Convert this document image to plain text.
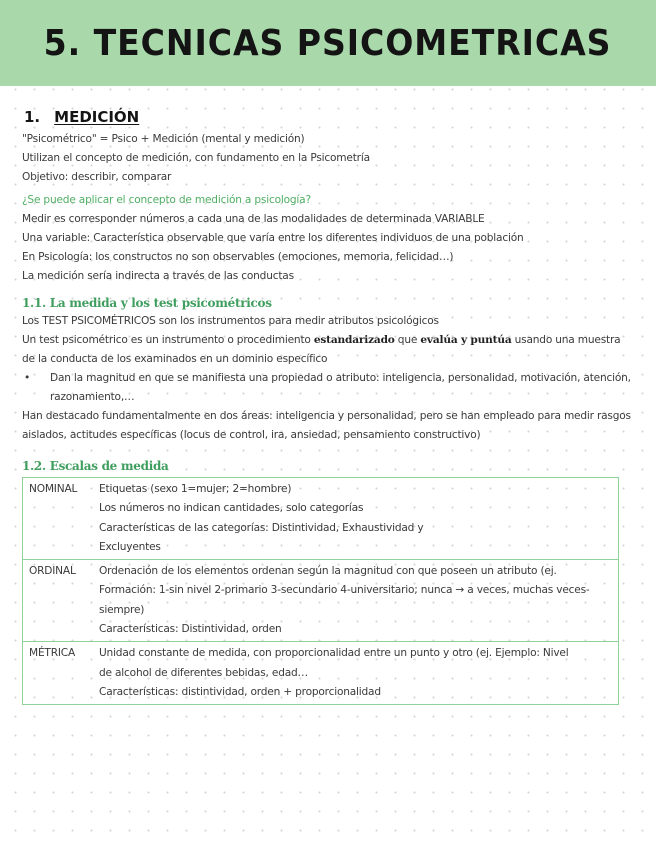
5. TECNICAS PSICOMETRICAS
1. MEDICIÓN
"Psicométrico" = Psico + Medición (mental y medición)
Utilizan el concepto de medición, con fundamento en la Psicometría
Objetivo: describir, comparar
¿Se puede aplicar el concepto de medición a psicología?
Medir es corresponder números a cada una de las modalidades de determinada VARIABLE
Una variable: Característica observable que varía entre los diferentes individuos de una población
En Psicología: los constructos no son observables (emociones, memoria, felicidad…)
La medición sería indirecta a través de las conductas
1.1. La medida y los test psicométricos
Los TEST PSICOMÉTRICOS son los instrumentos para medir atributos psicológicos
Un test psicométrico es un instrumento o procedimiento estandarizado que evalúa y puntúa usando una muestra de la conducta de los examinados en un dominio específico
•	Dan la magnitud en que se manifiesta una propiedad o atributo: inteligencia, personalidad, motivación, atención, razonamiento,…
Han destacado fundamentalmente en dos áreas: inteligencia y personalidad, pero se han empleado para medir rasgos aislados, actitudes específicas (locus de control, ira, ansiedad, pensamiento constructivo)
1.2. Escalas de medida
NOMINAL	Etiquetas (sexo 1=mujer; 2=hombre)
Los números no indican cantidades, solo categorías
Características de las categorías: Distintividad, Exhaustividad y
Excluyentes

ORDINAL	Ordenación de los elementos ordenan según la magnitud con que poseen un atributo (ej.
Formación: 1-sin nivel 2-primario 3-secundario 4-universitario; nunca → a veces, muchas veces-
siempre)
Características: Distintividad, orden

MÉTRICA	Unidad constante de medida, con proporcionalidad entre un punto y otro (ej. Ejemplo: Nivel
de alcohol de diferentes bebidas, edad…
Características: distintividad, orden + proporcionalidad
